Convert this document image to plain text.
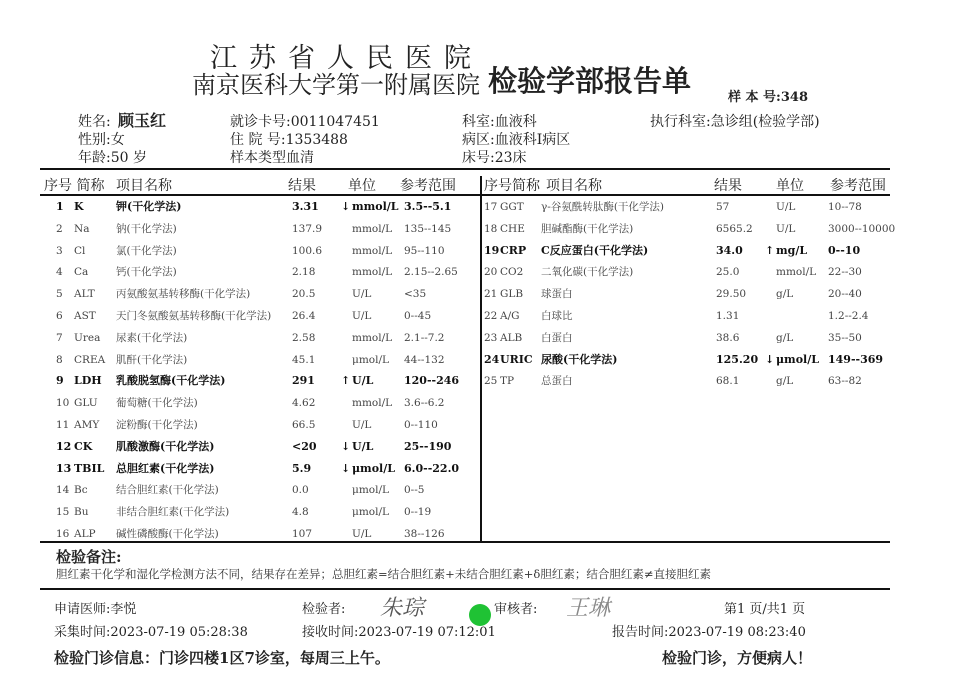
江苏省人民医院
南京医科大学第一附属医院 检验学部报告单	样 本 号:348
姓名: 顾玉红
性别:女
年龄:50 岁
就诊卡号:0011047451
住 院 号:1353488
样本类型血清
科室:血液科
病区:血液科I病区
床号:23床
执行科室:急诊组(检验学部)
序号 简称 项目名称	结果 单位 参考范围 序号简称 项目名称	结果 单位 参考范围
1 K	钾(干化学法)	3.31 ↓ mmol/L 3.5--5.1
2 Na	钠(干化学法)	137.9	mmol/L 135--145
3 Cl	氯(干化学法)	100.6	mmol/L 95--110
4 Ca	钙(干化学法)	2.18	mmol/L 2.15--2.65
5 ALT 丙氨酸氨基转移酶(干化学法)	20.5	U/L	<35
6 AST 天门冬氨酸氨基转移酶(干化学法) 26.4	U/L	0--45
7 Urea 尿素(干化学法)	2.58	mmol/L 2.1--7.2
8 CREA 肌酐(干化学法)	45.1	μmol/L 44--132
9 LDH 乳酸脱氢酶(干化学法)	291 ↑ U/L	120--246
10 GLU 葡萄糖(干化学法)	4.62	mmol/L 3.6--6.2
11 AMY 淀粉酶(干化学法)	66.5	U/L	0--110
12 CK 肌酸激酶(干化学法)	<20 ↓ U/L	25--190
13 TBIL 总胆红素(干化学法)	5.9	↓ μmol/L 6.0--22.0
14 Bc	结合胆红素(干化学法)	0.0	μmol/L 0--5
15 Bu	非结合胆红素(干化学法)	4.8	μmol/L 0--19
16 ALP 碱性磷酸酶(干化学法)	107	U/L	38--126
17 GGT γ-谷氨酰转肽酶(干化学法)	57	U/L	10--78
18 CHE 胆碱酯酶(干化学法)	6565.2 U/L	3000--10000
19 CRP C反应蛋白(干化学法)	34.0 ↑ mg/L 0--10
20 CO2 二氧化碳(干化学法)	25.0	mmol/L 22--30
21 GLB 球蛋白	29.50	g/L	20--40
22 A/G 白球比	1.31	1.2--2.4
23 ALB 白蛋白	38.6	g/L	35--50
24 URIC 尿酸(干化学法)	125.20 ↓ μmol/L 149--369
25 TP	总蛋白	68.1	g/L	63--82
检验备注:
胆红素干化学和湿化学检测方法不同，结果存在差异；总胆红素=结合胆红素+未结合胆红素+δ胆红素；结合胆红素≠直接胆红素
申请医师:李悦	检验者: 朱琮	审核者: 王琳	第1 页/共1 页
采集时间:2023-07-19 05:28:38	接收时间:2023-07-19 07:12:01	报告时间:2023-07-19 08:23:40
检验门诊信息：门诊四楼1区7诊室，每周三上午。	检验门诊，方便病人！
